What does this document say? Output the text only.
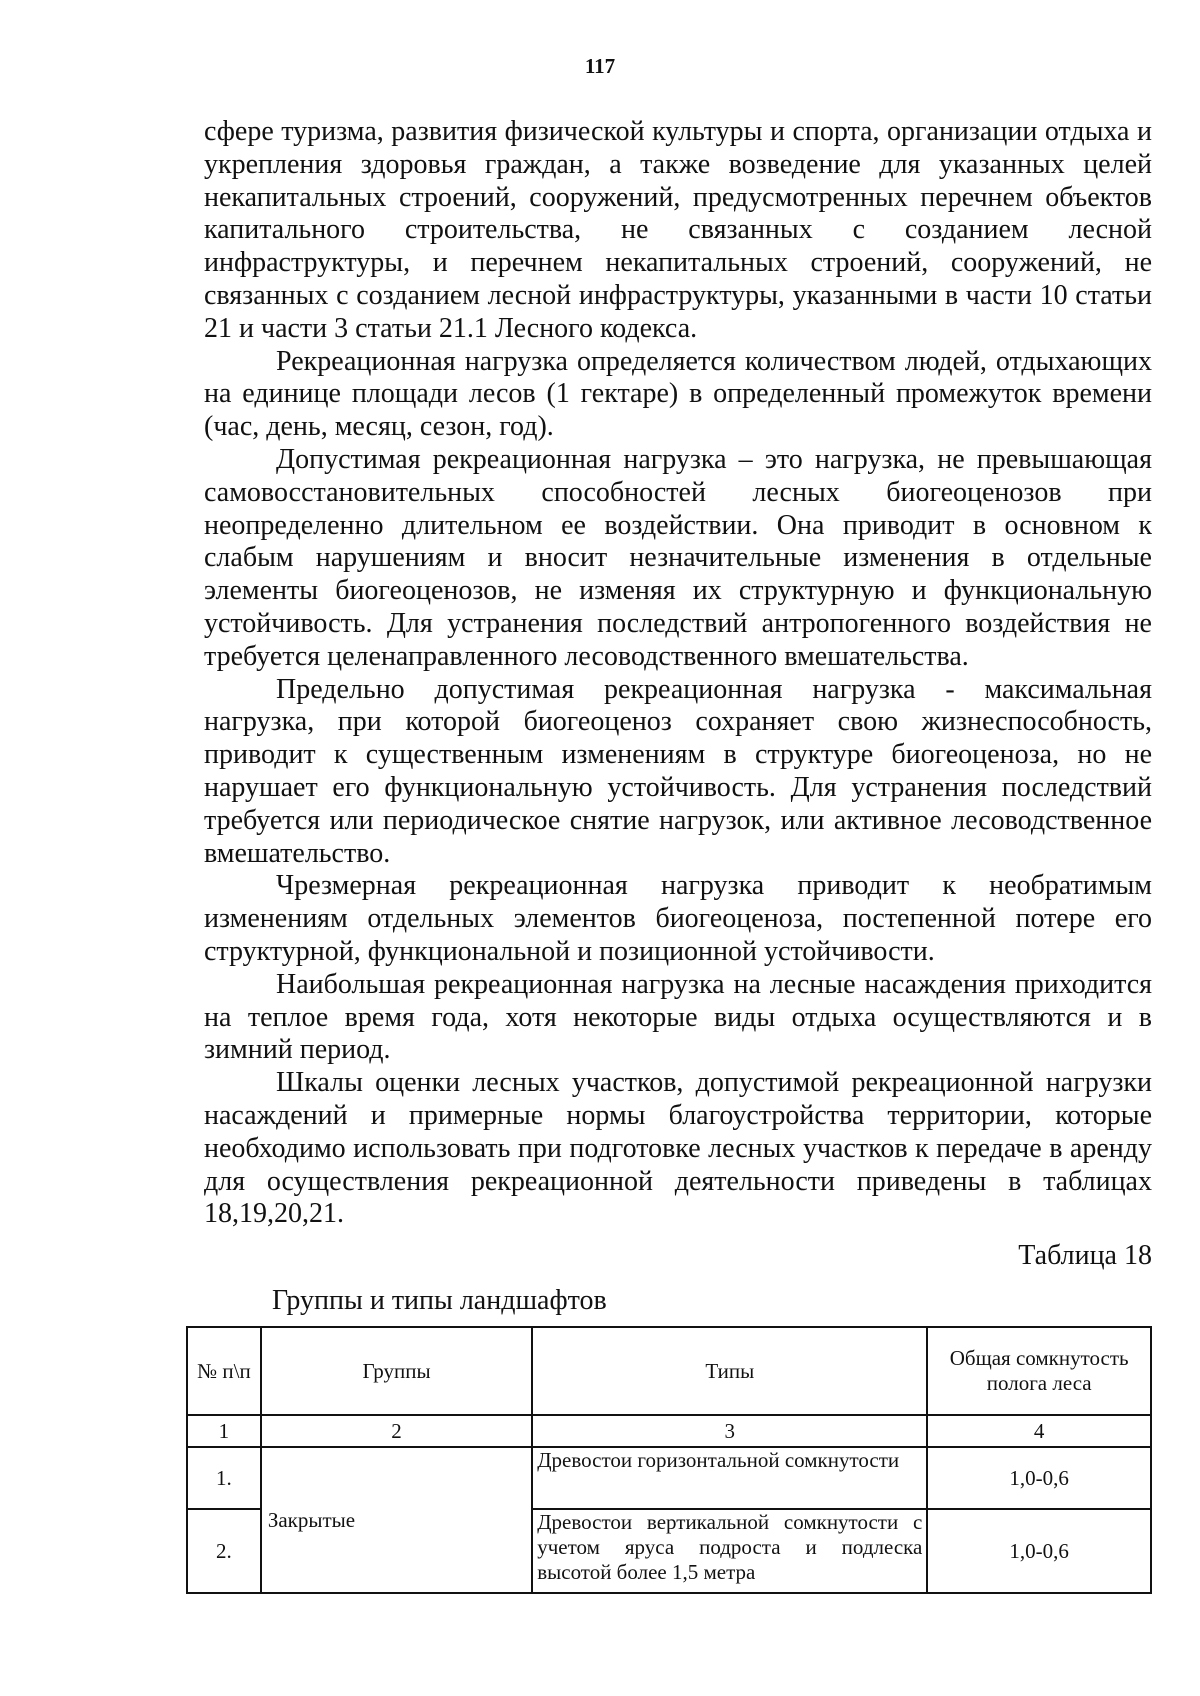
117

сфере туризма, развития физической культуры и спорта, организации отдыха и укрепления здоровья граждан, а также возведение для указанных целей некапитальных строений, сооружений, предусмотренных перечнем объектов капитального строительства, не связанных с созданием лесной инфраструктуры, и перечнем некапитальных строений, сооружений, не связанных с созданием лесной инфраструктуры, указанными в части 10 статьи 21 и части 3 статьи 21.1 Лесного кодекса.

Рекреационная нагрузка определяется количеством людей, отдыхающих на единице площади лесов (1 гектаре) в определенный промежуток времени (час, день, месяц, сезон, год).

Допустимая рекреационная нагрузка – это нагрузка, не превышающая самовосстановительных способностей лесных биогеоценозов при неопределенно длительном ее воздействии. Она приводит в основном к слабым нарушениям и вносит незначительные изменения в отдельные элементы биогеоценозов, не изменяя их структурную и функциональную устойчивость. Для устранения последствий антропогенного воздействия не требуется целенаправленного лесоводственного вмешательства.

Предельно допустимая рекреационная нагрузка - максимальная нагрузка, при которой биогеоценоз сохраняет свою жизнеспособность, приводит к существенным изменениям в структуре биогеоценоза, но не нарушает его функциональную устойчивость. Для устранения последствий требуется или периодическое снятие нагрузок, или активное лесоводственное вмешательство.

Чрезмерная рекреационная нагрузка приводит к необратимым изменениям отдельных элементов биогеоценоза, постепенной потере его структурной, функциональной и позиционной устойчивости.

Наибольшая рекреационная нагрузка на лесные насаждения приходится на теплое время года, хотя некоторые виды отдыха осуществляются и в зимний период.

Шкалы оценки лесных участков, допустимой рекреационной нагрузки насаждений и примерные нормы благоустройства территории, которые необходимо использовать при подготовке лесных участков к передаче в аренду для осуществления рекреационной деятельности приведены в таблицах 18,19,20,21.

Таблица 18
Группы и типы ландшафтов
№ п\п	Группы	Типы	Общая сомкнутость полога леса
1	2	3	4
1.	Закрытые	Древостои горизонтальной сомкнутости	1,0-0,6
2.		Древостои вертикальной сомкнутости с учетом яруса подроста и подлеска высотой более 1,5 метра	1,0-0,6
